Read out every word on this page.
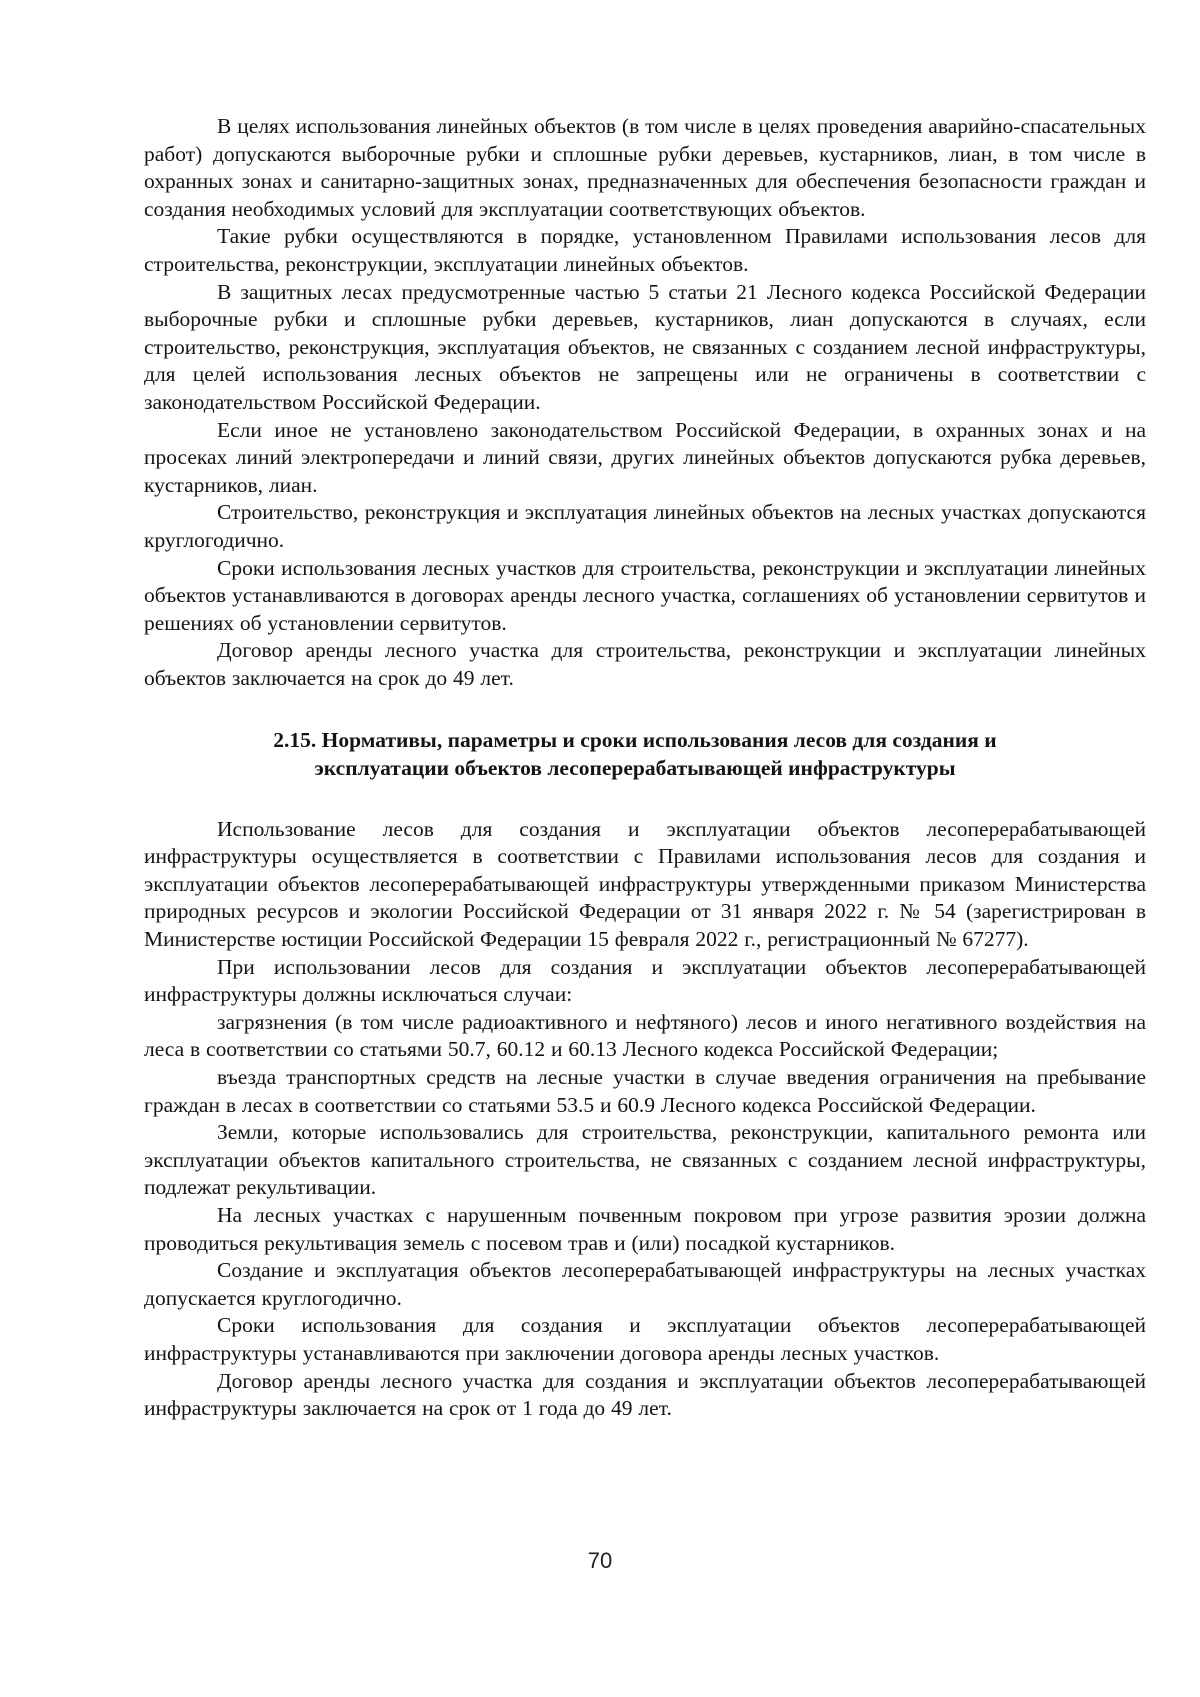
В целях использования линейных объектов (в том числе в целях проведения аварийно-спасательных работ) допускаются выборочные рубки и сплошные рубки деревьев, кустарников, лиан, в том числе в охранных зонах и санитарно-защитных зонах, предназначенных для обеспечения безопасности граждан и создания необходимых условий для эксплуатации соответствующих объектов.

Такие рубки осуществляются в порядке, установленном Правилами использования лесов для строительства, реконструкции, эксплуатации линейных объектов.

В защитных лесах предусмотренные частью 5 статьи 21 Лесного кодекса Российской Федерации выборочные рубки и сплошные рубки деревьев, кустарников, лиан допускаются в случаях, если строительство, реконструкция, эксплуатация объектов, не связанных с созданием лесной инфраструктуры, для целей использования лесных объектов не запрещены или не ограничены в соответствии с законодательством Российской Федерации.

Если иное не установлено законодательством Российской Федерации, в охранных зонах и на просеках линий электропередачи и линий связи, других линейных объектов допускаются рубка деревьев, кустарников, лиан.

Строительство, реконструкция и эксплуатация линейных объектов на лесных участках допускаются круглогодично.

Сроки использования лесных участков для строительства, реконструкции и эксплуатации линейных объектов устанавливаются в договорах аренды лесного участка, соглашениях об установлении сервитутов и решениях об установлении сервитутов.

Договор аренды лесного участка для строительства, реконструкции и эксплуатации линейных объектов заключается на срок до 49 лет.

2.15. Нормативы, параметры и сроки использования лесов для создания и эксплуатации объектов лесоперерабатывающей инфраструктуры

Использование лесов для создания и эксплуатации объектов лесоперерабатывающей инфраструктуры осуществляется в соответствии с Правилами использования лесов для создания и эксплуатации объектов лесоперерабатывающей инфраструктуры утвержденными приказом Министерства природных ресурсов и экологии Российской Федерации от 31 января 2022 г. № 54 (зарегистрирован в Министерстве юстиции Российской Федерации 15 февраля 2022 г., регистрационный № 67277).

При использовании лесов для создания и эксплуатации объектов лесоперерабатывающей инфраструктуры должны исключаться случаи:

загрязнения (в том числе радиоактивного и нефтяного) лесов и иного негативного воздействия на леса в соответствии со статьями 50.7, 60.12 и 60.13 Лесного кодекса Российской Федерации;

въезда транспортных средств на лесные участки в случае введения ограничения на пребывание граждан в лесах в соответствии со статьями 53.5 и 60.9 Лесного кодекса Российской Федерации.

Земли, которые использовались для строительства, реконструкции, капитального ремонта или эксплуатации объектов капитального строительства, не связанных с созданием лесной инфраструктуры, подлежат рекультивации.

На лесных участках с нарушенным почвенным покровом при угрозе развития эрозии должна проводиться рекультивация земель с посевом трав и (или) посадкой кустарников.

Создание и эксплуатация объектов лесоперерабатывающей инфраструктуры на лесных участках допускается круглогодично.

Сроки использования для создания и эксплуатации объектов лесоперерабатывающей инфраструктуры устанавливаются при заключении договора аренды лесных участков.

Договор аренды лесного участка для создания и эксплуатации объектов лесоперерабатывающей инфраструктуры заключается на срок от 1 года до 49 лет.

70
